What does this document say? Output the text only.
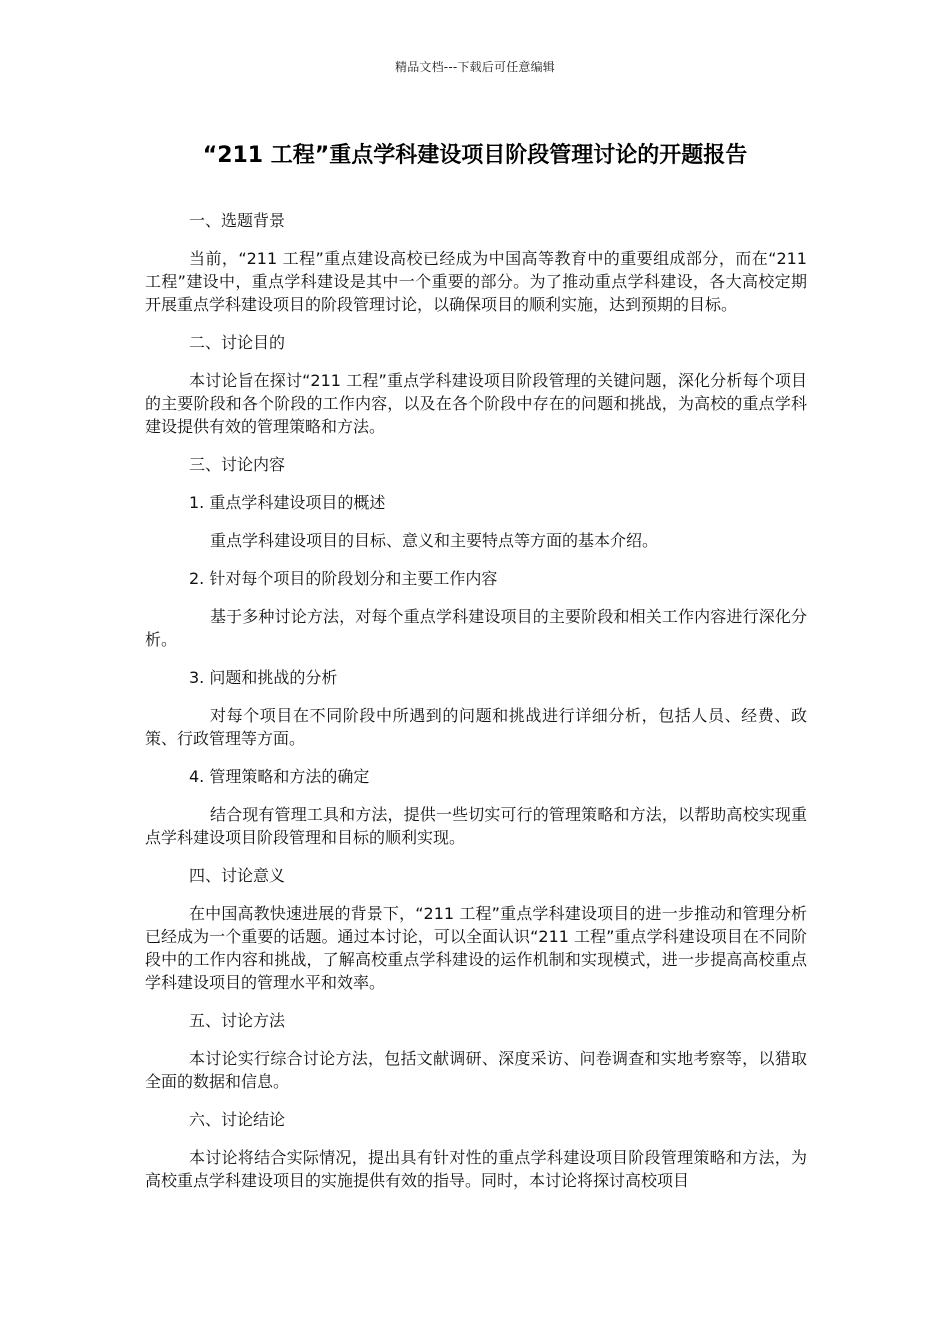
精品文档---下载后可任意编辑
“211 工程”重点学科建设项目阶段管理讨论的开题报告

一、选题背景

当前，“211 工程”重点建设高校已经成为中国高等教育中的重要组成部分，而在“211 工程”建设中，重点学科建设是其中一个重要的部分。为了推动重点学科建设，各大高校定期开展重点学科建设项目的阶段管理讨论，以确保项目的顺利实施，达到预期的目标。

二、讨论目的

本讨论旨在探讨“211 工程”重点学科建设项目阶段管理的关键问题，深化分析每个项目的主要阶段和各个阶段的工作内容，以及在各个阶段中存在的问题和挑战，为高校的重点学科建设提供有效的管理策略和方法。

三、讨论内容

1. 重点学科建设项目的概述

重点学科建设项目的目标、意义和主要特点等方面的基本介绍。

2. 针对每个项目的阶段划分和主要工作内容

基于多种讨论方法，对每个重点学科建设项目的主要阶段和相关工作内容进行深化分析。

3. 问题和挑战的分析

对每个项目在不同阶段中所遇到的问题和挑战进行详细分析，包括人员、经费、政策、行政管理等方面。

4. 管理策略和方法的确定

结合现有管理工具和方法，提供一些切实可行的管理策略和方法，以帮助高校实现重点学科建设项目阶段管理和目标的顺利实现。

四、讨论意义

在中国高教快速进展的背景下，“211 工程”重点学科建设项目的进一步推动和管理分析已经成为一个重要的话题。通过本讨论，可以全面认识“211 工程”重点学科建设项目在不同阶段中的工作内容和挑战，了解高校重点学科建设的运作机制和实现模式，进一步提高高校重点学科建设项目的管理水平和效率。

五、讨论方法

本讨论实行综合讨论方法，包括文献调研、深度采访、问卷调查和实地考察等，以猎取全面的数据和信息。

六、讨论结论

本讨论将结合实际情况，提出具有针对性的重点学科建设项目阶段管理策略和方法，为高校重点学科建设项目的实施提供有效的指导。同时，本讨论将探讨高校项目
